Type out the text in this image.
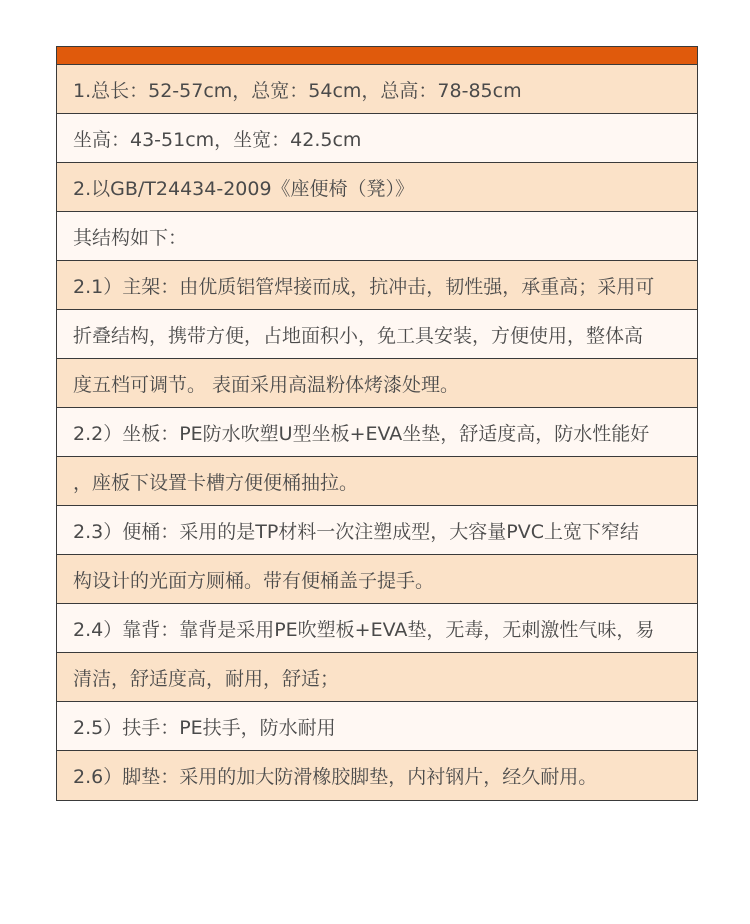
1.总长：52-57cm，总宽：54cm，总高：78-85cm
坐高：43-51cm，坐宽：42.5cm
2.以GB/T24434-2009《座便椅（凳）》
其结构如下：
2.1）主架：由优质铝管焊接而成，抗冲击，韧性强，承重高；采用可
折叠结构，携带方便，占地面积小，免工具安装，方便使用，整体高
度五档可调节。 表面采用高温粉体烤漆处理。
2.2）坐板：PE防水吹塑U型坐板+EVA坐垫，舒适度高，防水性能好
，座板下设置卡槽方便便桶抽拉。
2.3）便桶：采用的是TP材料一次注塑成型，大容量PVC上宽下窄结
构设计的光面方厕桶。带有便桶盖子提手。
2.4）靠背：靠背是采用PE吹塑板+EVA垫，无毒，无刺激性气味，易
清洁，舒适度高，耐用，舒适；
2.5）扶手：PE扶手，防水耐用
2.6）脚垫：采用的加大防滑橡胶脚垫，内衬钢片，经久耐用。
